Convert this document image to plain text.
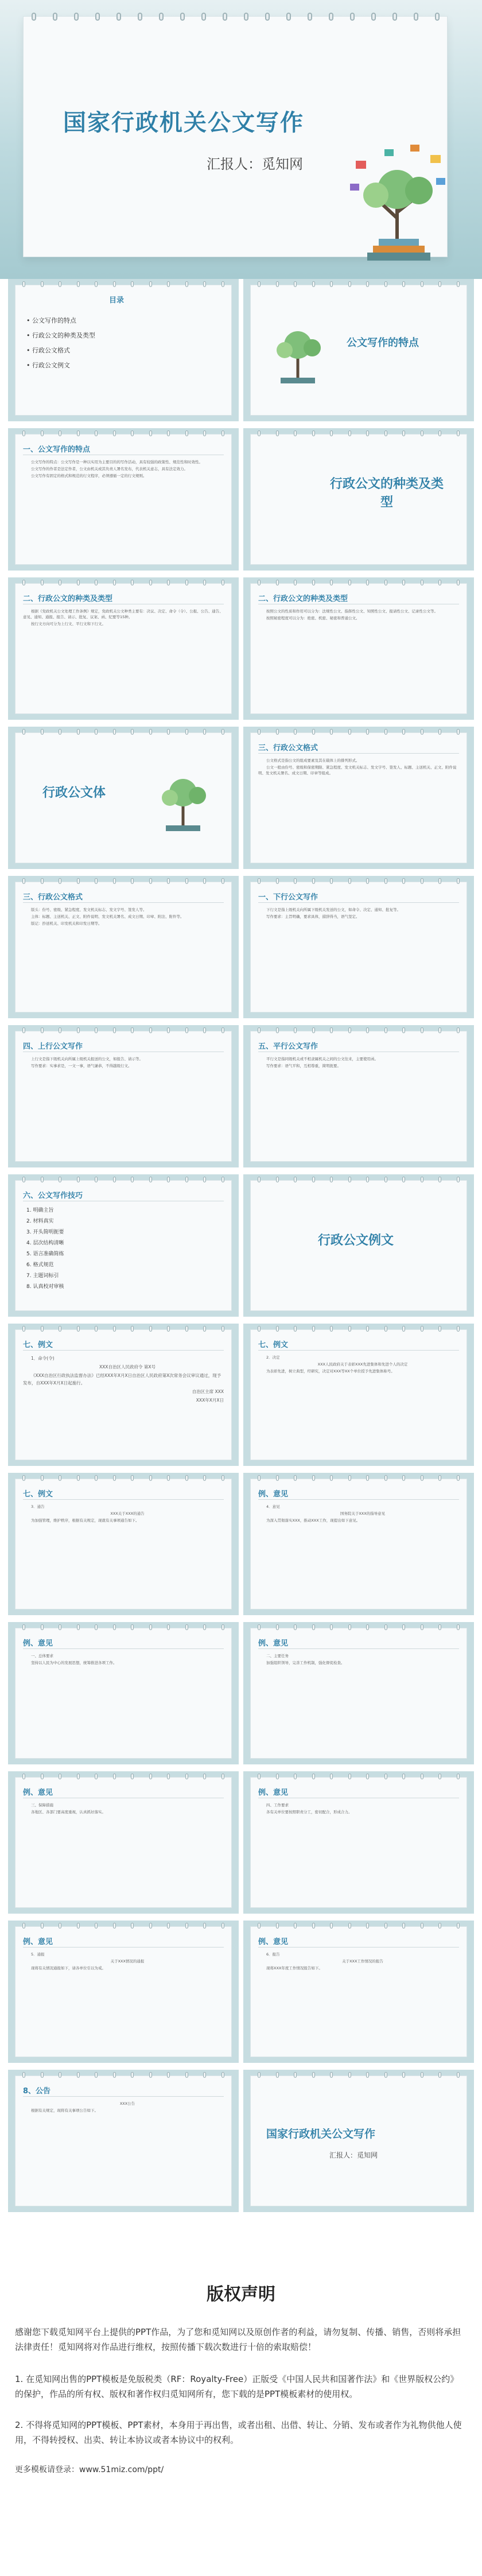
国家行政机关公文写作
汇报人：觅知网
目录
• 公文写作的特点
• 行政公文的种类及类型
• 行政公文格式
• 行政公文例文
公文写作的特点
一、公文写作的特点

公文写作的特点：公文写作是一种以实用为主要目的的写作活动，具有较强的政策性、规范性和时效性。

公文写作的作者是法定作者，公文由机关或其负责人署名发布，代表机关意志，具有法定效力。

公文写作有固定的格式和规范的行文程序，必须遵循一定的行文规则。

行政公文的种类及类型
二、行政公文的种类及类型

根据《党政机关公文处理工作条例》规定，党政机关公文种类主要有：决议、决定、命令（令）、公报、公告、通告、意见、通知、通报、报告、请示、批复、议案、函、纪要等15种。

按行文方向可分为上行文、平行文和下行文。

二、行政公文的种类及类型

按照公文的性质和作用可以分为：法规性公文、指挥性公文、知照性公文、报请性公文、记录性公文等。

按照秘密程度可以分为：绝密、机密、秘密和普通公文。

行政公文体
三、行政公文格式

公文格式是指公文的组成要素及其在载体上的排列形式。

公文一般由份号、密级和保密期限、紧急程度、发文机关标志、发文字号、签发人、标题、主送机关、正文、附件说明、发文机关署名、成文日期、印章等组成。

三、行政公文格式

版头：份号、密级、紧急程度、发文机关标志、发文字号、签发人等。

主体：标题、主送机关、正文、附件说明、发文机关署名、成文日期、印章、附注、附件等。

版记：抄送机关、印发机关和印发日期等。

一、下行公文写作

下行文是指上级机关向所属下级机关发送的公文，如命令、决定、通知、批复等。

写作要求：主旨明确，要求具体，措辞得当，语气坚定。

四、上行公文写作

上行文是指下级机关向所属上级机关报送的公文，如报告、请示等。

写作要求：实事求是，一文一事，语气谦恭，不得越级行文。

五、平行公文写作

平行文是指同级机关或不相隶属机关之间的公文往来，主要使用函。

写作要求：语气平和，互相尊重，简明扼要。

六、公文写作技巧
1. 明确主旨
2. 材料真实
3. 开头简明扼要
4. 层次结构清晰
5. 语言准确简练
6. 格式规范
7. 主题词标引
8. 认真校对审核
行政公文例文
七、例文

1．命令(令)

XXX自治区人民政府令 第X号

《XXX自治区行政执法监督办法》已经XXX年X月X日自治区人民政府第X次常务会议审议通过，现予发布，自XXX年X月X日起施行。

自治区主席 XXX

XXX年X月X日

七、例文

2．决定

XXX人民政府关于表彰XXX先进集体和先进个人的决定

为表彰先进，树立典型，经研究，决定对XXX等XX个单位授予先进集体称号。

七、例文

3．通告

XXX关于XXX的通告

为加强管理，维护秩序，根据有关规定，现就有关事项通告如下。

例、意见

4．意见

国务院关于XXX的指导意见

为深入贯彻落实XXX，推动XXX工作，现提出如下意见。

例、意见

一、总体要求

坚持以人民为中心的发展思想，统筹推进各项工作。

例、意见

二、主要任务

加强组织领导，完善工作机制，强化督促检查。

例、意见

三、保障措施

各地区、各部门要高度重视，认真抓好落实。

例、意见

四、工作要求

各有关单位要按照职责分工，密切配合，形成合力。

例、意见

5．通报

关于XXX情况的通报

现将有关情况通报如下，请各单位引以为戒。

例、意见

6．报告

关于XXX工作情况的报告

现将XXX年度工作情况报告如下。

8、公告

XXX公告

根据有关规定，现将有关事项公告如下。

国家行政机关公文写作
汇报人：觅知网
版权声明
感谢您下载觅知网平台上提供的PPT作品，为了您和觅知网以及原创作者的利益，请勿复制、传播、销售，否则将承担法律责任！觅知网将对作品进行维权，按照传播下载次数进行十倍的索取赔偿！
1. 在觅知网出售的PPT模板是免版税类（RF：Royalty-Free）正版受《中国人民共和国著作法》和《世界版权公约》的保护，作品的所有权、版权和著作权归觅知网所有，您下载的是PPT模板素材的使用权。
2. 不得将觅知网的PPT模板、PPT素材，本身用于再出售，或者出租、出借、转让、分销、发布或者作为礼物供他人使用，不得转授权、出卖、转让本协议或者本协议中的权利。
更多模板请登录：www.51miz.com/ppt/
